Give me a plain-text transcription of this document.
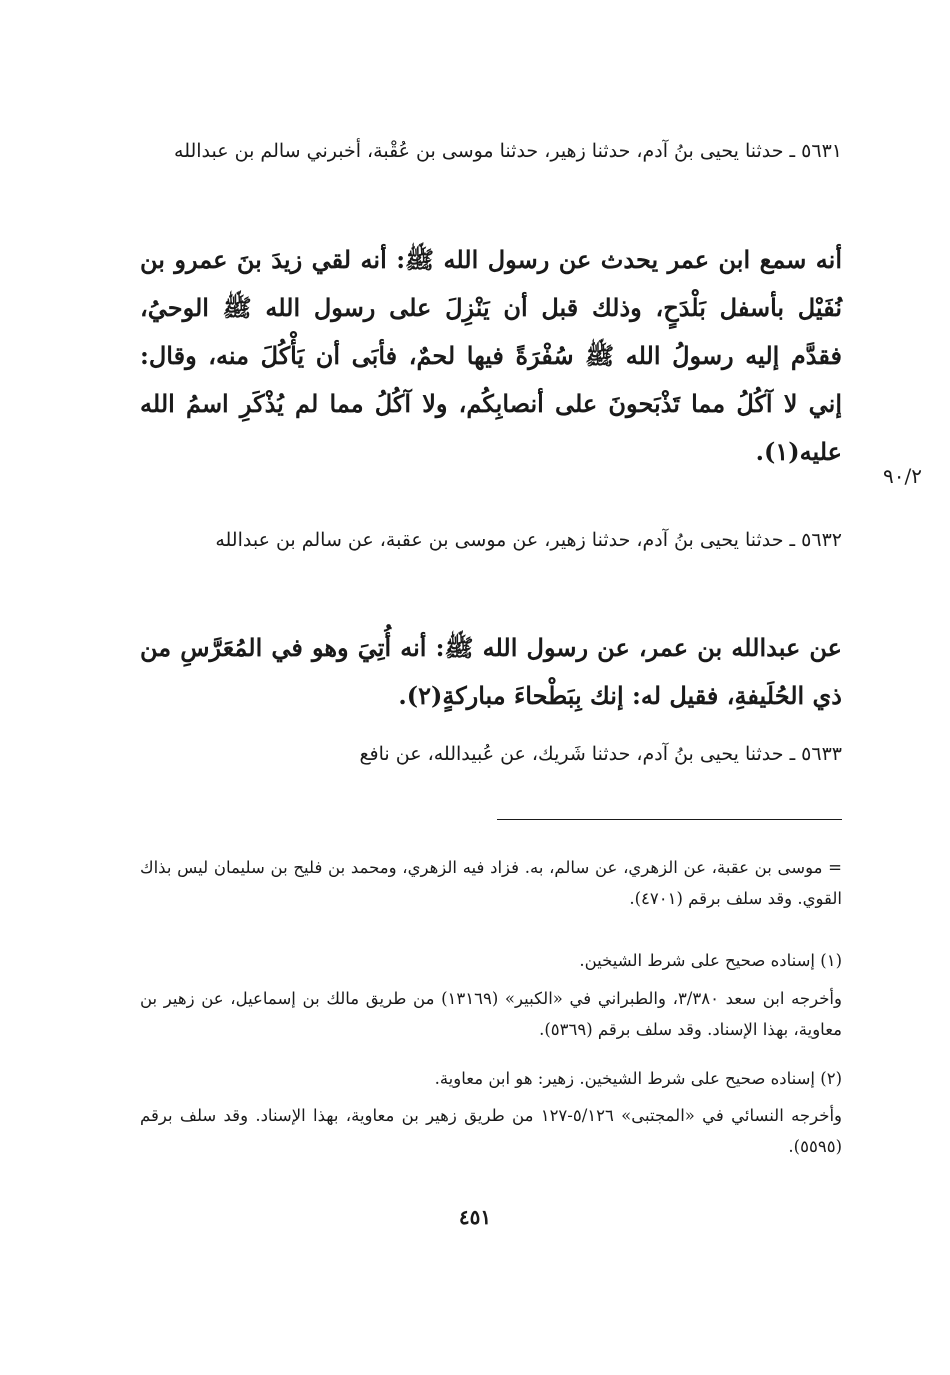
٥٦٣١ ـ حدثنا يحيى بنُ آدم، حدثنا زهير، حدثنا موسى بن عُقْبة، أخبرني سالم بن عبدالله

أنه سمع ابن عمر يحدث عن رسول الله ﷺ: أنه لقي زيدَ بنَ عمرو بن نُفَيْل بأسفل بَلْدَحٍ، وذلك قبل أن يَنْزِلَ على رسول الله ﷺ الوحيُ، فقدَّم إليه رسولُ الله ﷺ سُفْرَةً فيها لحمٌ، فأبَى أن يَأْكُلَ منه، وقال: إني لا آكُلُ مما تَذْبَحونَ على أنصابِكُم، ولا آكُلُ مما لم يُذْكَرِ اسمُ الله عليه(١).

٩٠/٢

٥٦٣٢ ـ حدثنا يحيى بنُ آدم، حدثنا زهير، عن موسى بن عقبة، عن سالم بن عبدالله

عن عبدالله بن عمر، عن رسول الله ﷺ: أنه أُتِيَ وهو في المُعَرَّسِ من ذي الحُلَيفةِ، فقيل له: إنك بِبَطْحاءَ مباركةٍ(٢).

٥٦٣٣ ـ حدثنا يحيى بنُ آدم، حدثنا شَريك، عن عُبيدالله، عن نافع

= موسى بن عقبة، عن الزهري، عن سالم، به. فزاد فيه الزهري، ومحمد بن فليح بن سليمان ليس بذاك القوي. وقد سلف برقم (٤٧٠١).

(١) إسناده صحيح على شرط الشيخين.

وأخرجه ابن سعد ٣/٣٨٠، والطبراني في «الكبير» (١٣١٦٩) من طريق مالك بن إسماعيل، عن زهير بن معاوية، بهذا الإسناد. وقد سلف برقم (٥٣٦٩).

(٢) إسناده صحيح على شرط الشيخين. زهير: هو ابن معاوية.

وأخرجه النسائي في «المجتبى» ٥/١٢٦-١٢٧ من طريق زهير بن معاوية، بهذا الإسناد. وقد سلف برقم (٥٥٩٥).

٤٥١
